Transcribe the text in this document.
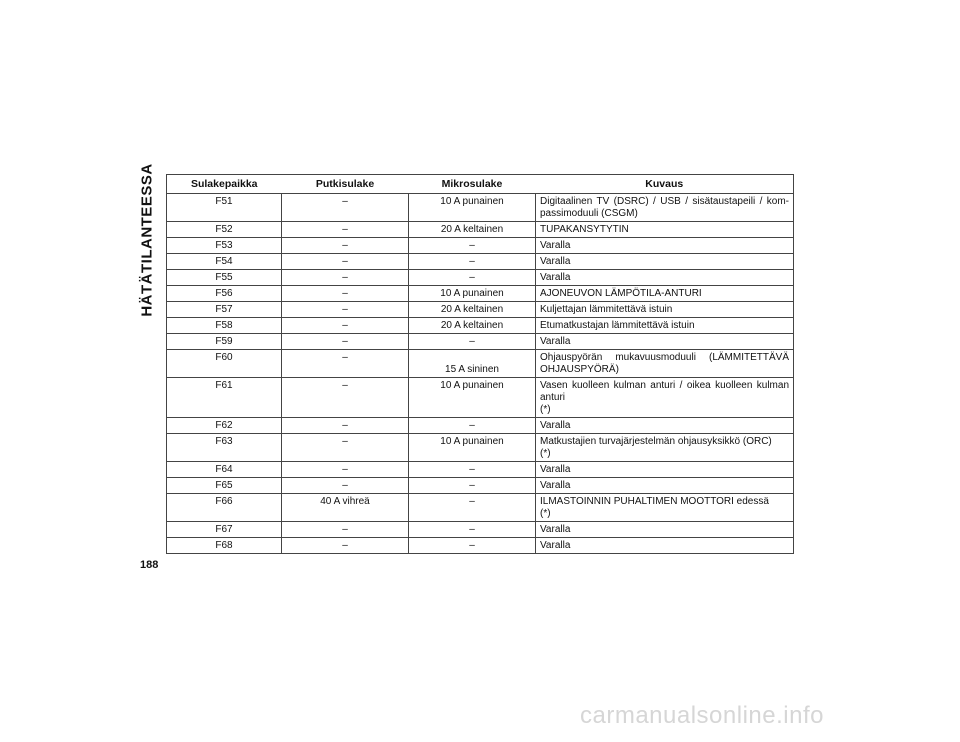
HÄTÄTILANTEESSA	Sulakepaikka	Putkisulake	Mikrosulake	Kuvaus
F51	–	10 A punainen	Digitaalinen TV (DSRC) / USB / sisätaustapeili / kom-passimoduuli (CSGM)
F52	–	20 A keltainen	TUPAKANSYTYTIN
F53	–	–	Varalla
F54	–	–	Varalla
F55	–	–	Varalla
F56	–	10 A punainen	AJONEUVON LÄMPÖTILA-ANTURI
F57	–	20 A keltainen	Kuljettajan lämmitettävä istuin
F58	–	20 A keltainen	Etumatkustajan lämmitettävä istuin
F59	–	–	Varalla
F60	–	15 A sininen	Ohjauspyörän mukavuusmoduuli (LÄMMITETTÄVÄ OHJAUSPYÖRÄ)
F61	–	10 A punainen	Vasen kuolleen kulman anturi / oikea kuolleen kulman anturi
(*)
F62	–	–	Varalla
F63	–	10 A punainen	Matkustajien turvajärjestelmän ohjausyksikkö (ORC)
(*)
F64	–	–	Varalla
F65	–	–	Varalla
F66	40 A vihreä	–	ILMASTOINNIN PUHALTIMEN MOOTTORI edessä
(*)
F67	–	–	Varalla
F68	–	–	Varalla
188
carmanualsonline.info
